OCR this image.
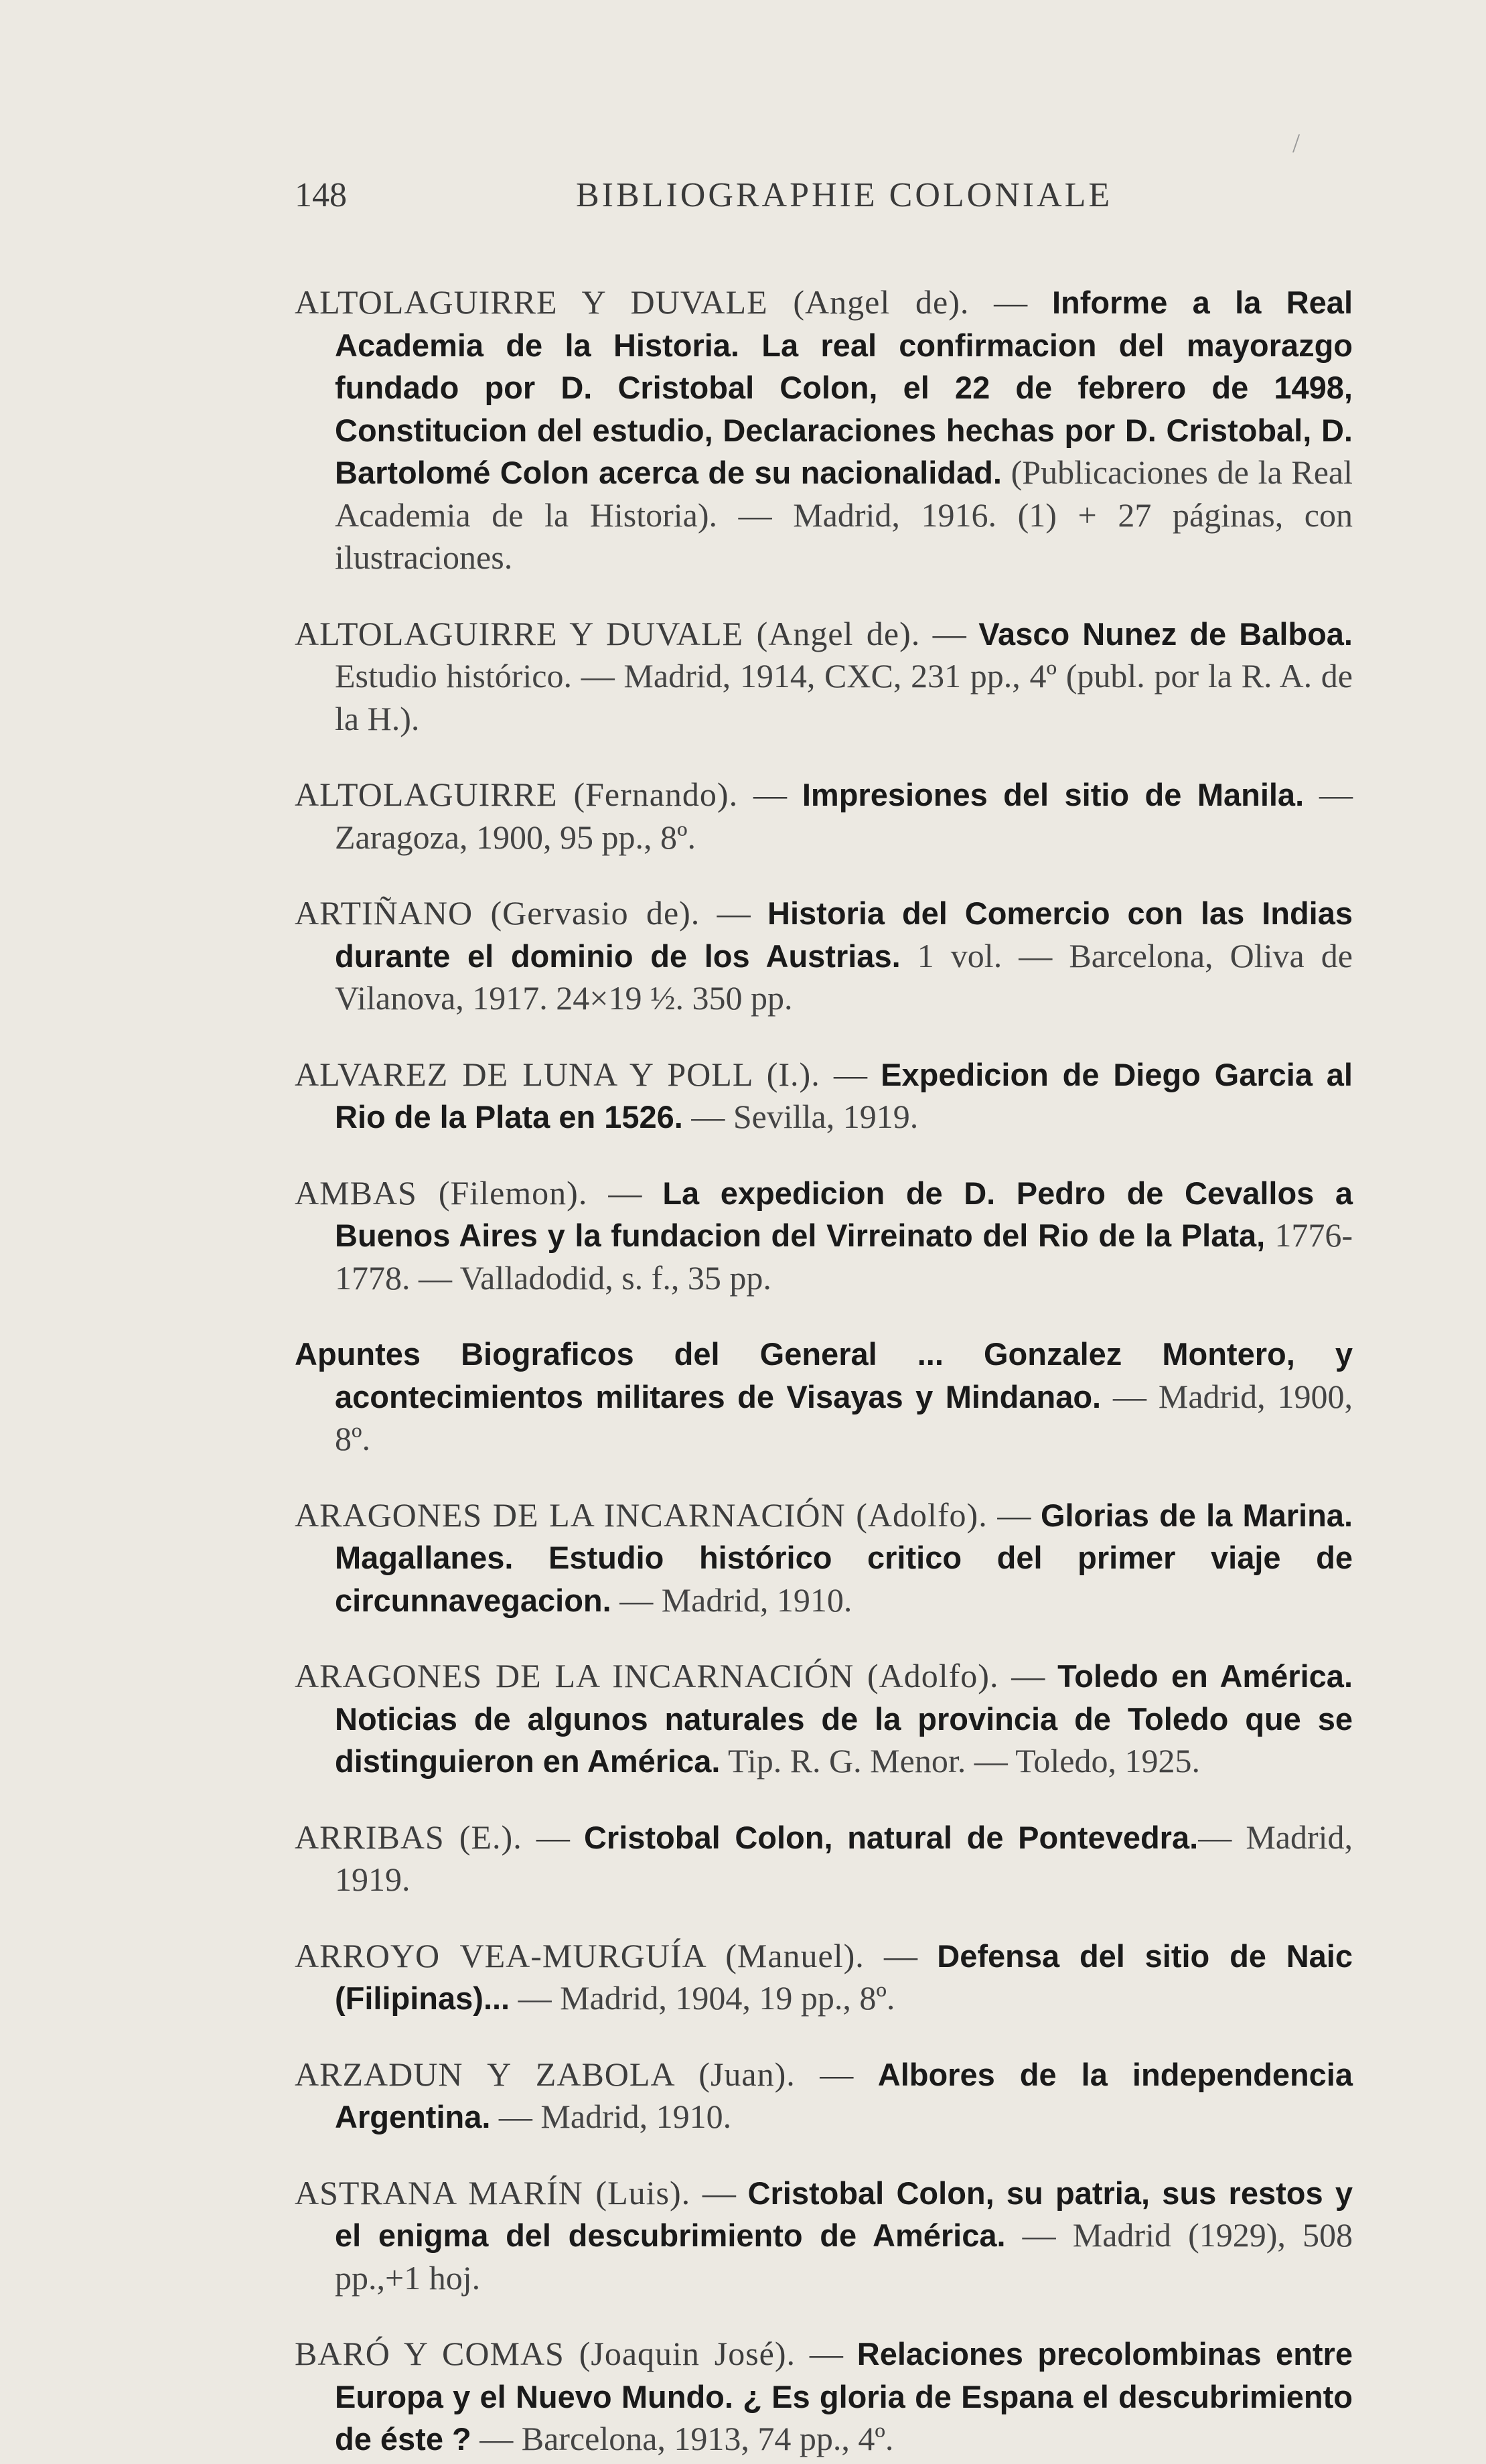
/
148	BIBLIOGRAPHIE COLONIALE

ALTOLAGUIRRE Y DUVALE (Angel de). — Informe a la Real Academia de la Historia. La real confirmacion del mayorazgo fundado por D. Cristobal Colon, el 22 de febrero de 1498, Constitucion del estudio, Declaraciones hechas por D. Cristobal, D. Bartolomé Colon acerca de su nacionalidad. (Publicaciones de la Real Academia de la Historia). — Madrid, 1916. (1) + 27 páginas, con ilustraciones.

ALTOLAGUIRRE Y DUVALE (Angel de). — Vasco Nunez de Balboa. Estudio histórico. — Madrid, 1914, CXC, 231 pp., 4º (publ. por la R. A. de la H.).

ALTOLAGUIRRE (Fernando). — Impresiones del sitio de Manila. — Zaragoza, 1900, 95 pp., 8º.

ARTIÑANO (Gervasio de). — Historia del Comercio con las Indias durante el dominio de los Austrias. 1 vol. — Barcelona, Oliva de Vilanova, 1917. 24×19 ½. 350 pp.

ALVAREZ DE LUNA Y POLL (I.). — Expedicion de Diego Garcia al Rio de la Plata en 1526. — Sevilla, 1919.

AMBAS (Filemon). — La expedicion de D. Pedro de Cevallos a Buenos Aires y la fundacion del Virreinato del Rio de la Plata, 1776-1778. — Valladodid, s. f., 35 pp.

Apuntes Biograficos del General ... Gonzalez Montero, y acontecimientos militares de Visayas y Mindanao. — Madrid, 1900, 8º.

ARAGONES DE LA INCARNACIÓN (Adolfo). — Glorias de la Marina. Magallanes. Estudio histórico critico del primer viaje de circunnavegacion. — Madrid, 1910.

ARAGONES DE LA INCARNACIÓN (Adolfo). — Toledo en América. Noticias de algunos naturales de la provincia de Toledo que se distinguieron en América. Tip. R. G. Menor. — Toledo, 1925.

ARRIBAS (E.). — Cristobal Colon, natural de Pontevedra.— Madrid, 1919.

ARROYO VEA-MURGUÍA (Manuel). — Defensa del sitio de Naic (Filipinas)... — Madrid, 1904, 19 pp., 8º.

ARZADUN Y ZABOLA (Juan). — Albores de la independencia Argentina. — Madrid, 1910.

ASTRANA MARÍN (Luis). — Cristobal Colon, su patria, sus restos y el enigma del descubrimiento de América. — Madrid (1929), 508 pp.,+1 hoj.

BARÓ Y COMAS (Joaquin José). — Relaciones precolombinas entre Europa y el Nuevo Mundo. ¿ Es gloria de Espana el descubrimiento de éste ? — Barcelona, 1913, 74 pp., 4º.
